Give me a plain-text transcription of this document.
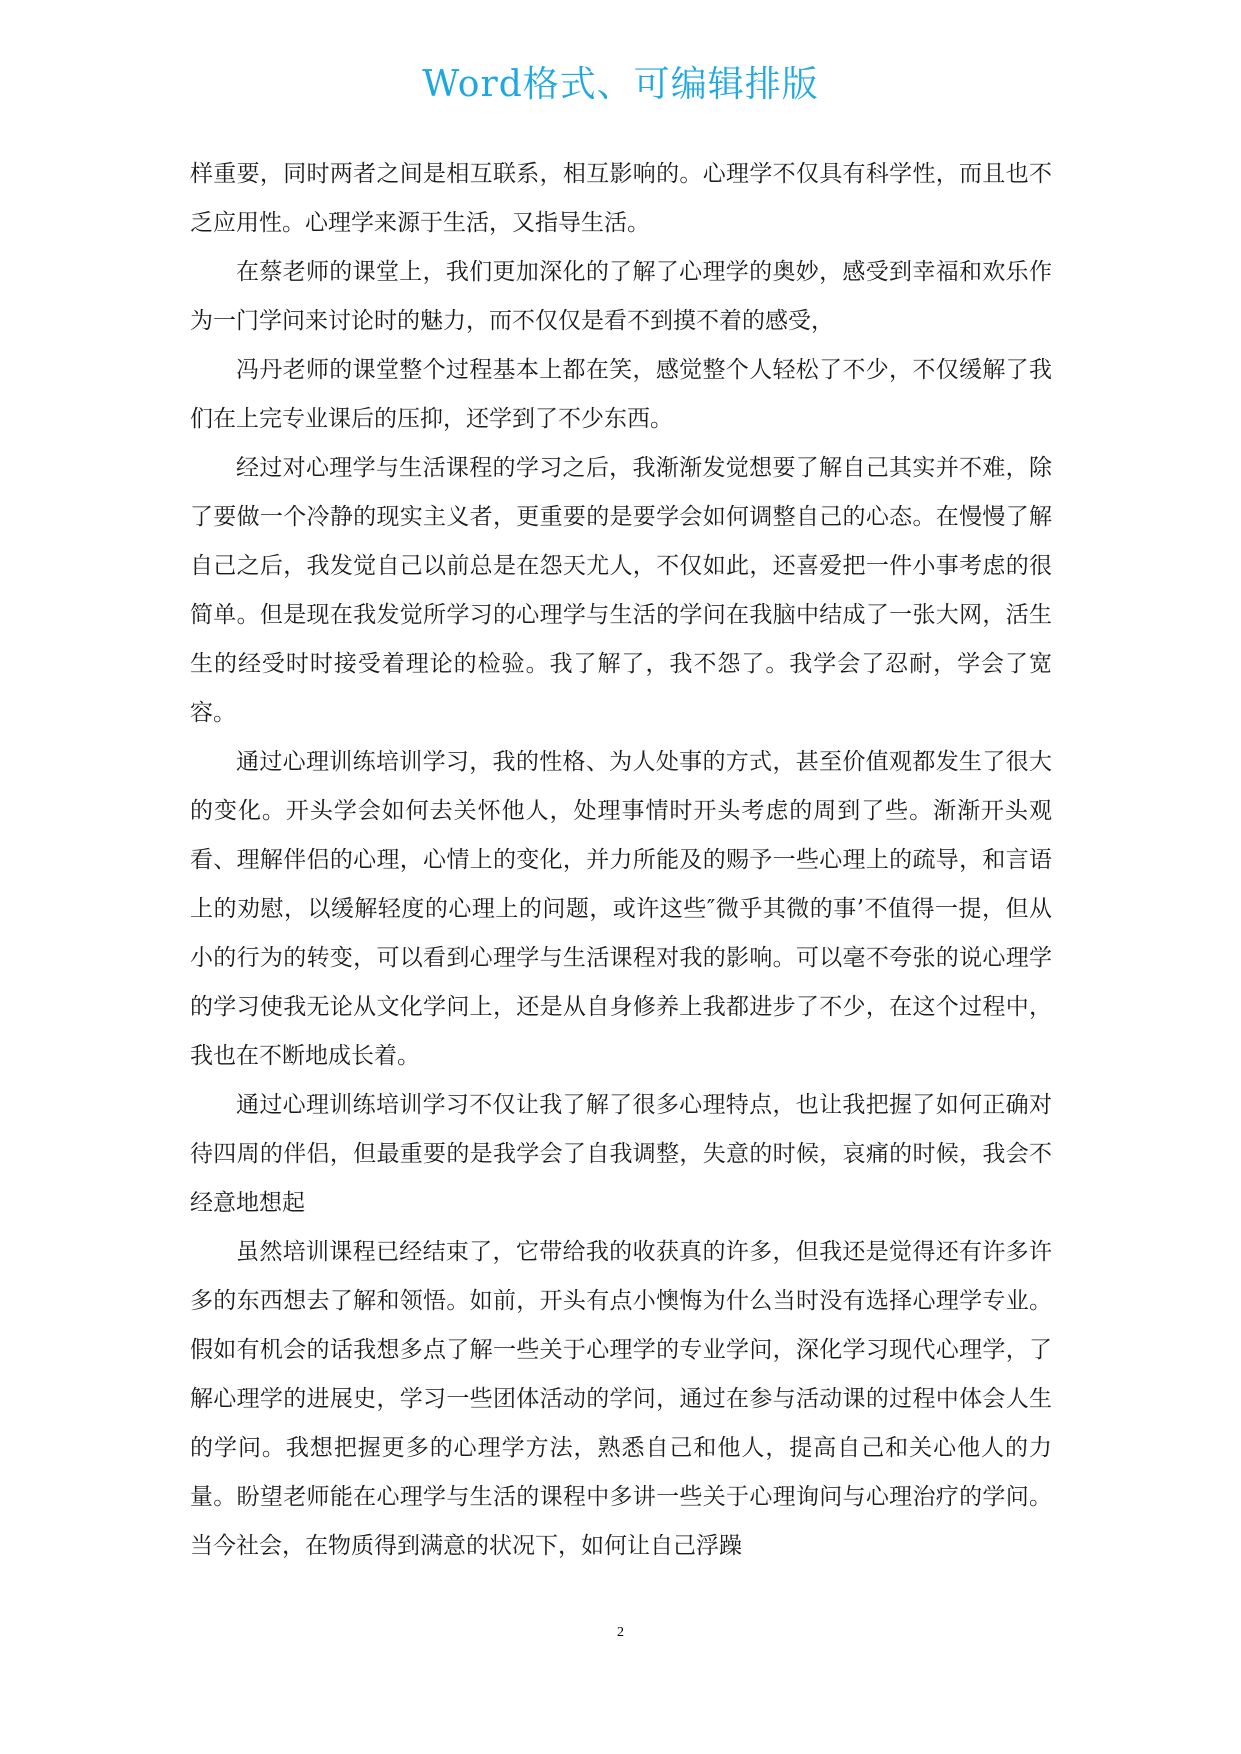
Word格式、可编辑排版

样重要，同时两者之间是相互联系，相互影响的。心理学不仅具有科学性，而且也不乏应用性。心理学来源于生活，又指导生活。

在蔡老师的课堂上，我们更加深化的了解了心理学的奥妙，感受到幸福和欢乐作为一门学问来讨论时的魅力，而不仅仅是看不到摸不着的感受，

冯丹老师的课堂整个过程基本上都在笑，感觉整个人轻松了不少，不仅缓解了我们在上完专业课后的压抑，还学到了不少东西。

经过对心理学与生活课程的学习之后，我渐渐发觉想要了解自己其实并不难，除了要做一个冷静的现实主义者，更重要的是要学会如何调整自己的心态。在慢慢了解自己之后，我发觉自己以前总是在怨天尤人，不仅如此，还喜爱把一件小事考虑的很简单。但是现在我发觉所学习的心理学与生活的学问在我脑中结成了一张大网，活生生的经受时时接受着理论的检验。我了解了，我不怨了。我学会了忍耐，学会了宽容。

通过心理训练培训学习，我的性格、为人处事的方式，甚至价值观都发生了很大的变化。开头学会如何去关怀他人，处理事情时开头考虑的周到了些。渐渐开头观看、理解伴侣的心理，心情上的变化，并力所能及的赐予一些心理上的疏导，和言语上的劝慰，以缓解轻度的心理上的问题，或许这些″微乎其微的事’不值得一提，但从小的行为的转变，可以看到心理学与生活课程对我的影响。可以毫不夸张的说心理学的学习使我无论从文化学问上，还是从自身修养上我都进步了不少，在这个过程中，我也在不断地成长着。

通过心理训练培训学习不仅让我了解了很多心理特点，也让我把握了如何正确对待四周的伴侣，但最重要的是我学会了自我调整，失意的时候，哀痛的时候，我会不经意地想起

虽然培训课程已经结束了，它带给我的收获真的许多，但我还是觉得还有许多许多的东西想去了解和领悟。如前，开头有点小懊悔为什么当时没有选择心理学专业。假如有机会的话我想多点了解一些关于心理学的专业学问，深化学习现代心理学，了解心理学的进展史，学习一些团体活动的学问，通过在参与活动课的过程中体会人生的学问。我想把握更多的心理学方法，熟悉自己和他人，提高自己和关心他人的力量。盼望老师能在心理学与生活的课程中多讲一些关于心理询问与心理治疗的学问。当今社会，在物质得到满意的状况下，如何让自己浮躁

2
